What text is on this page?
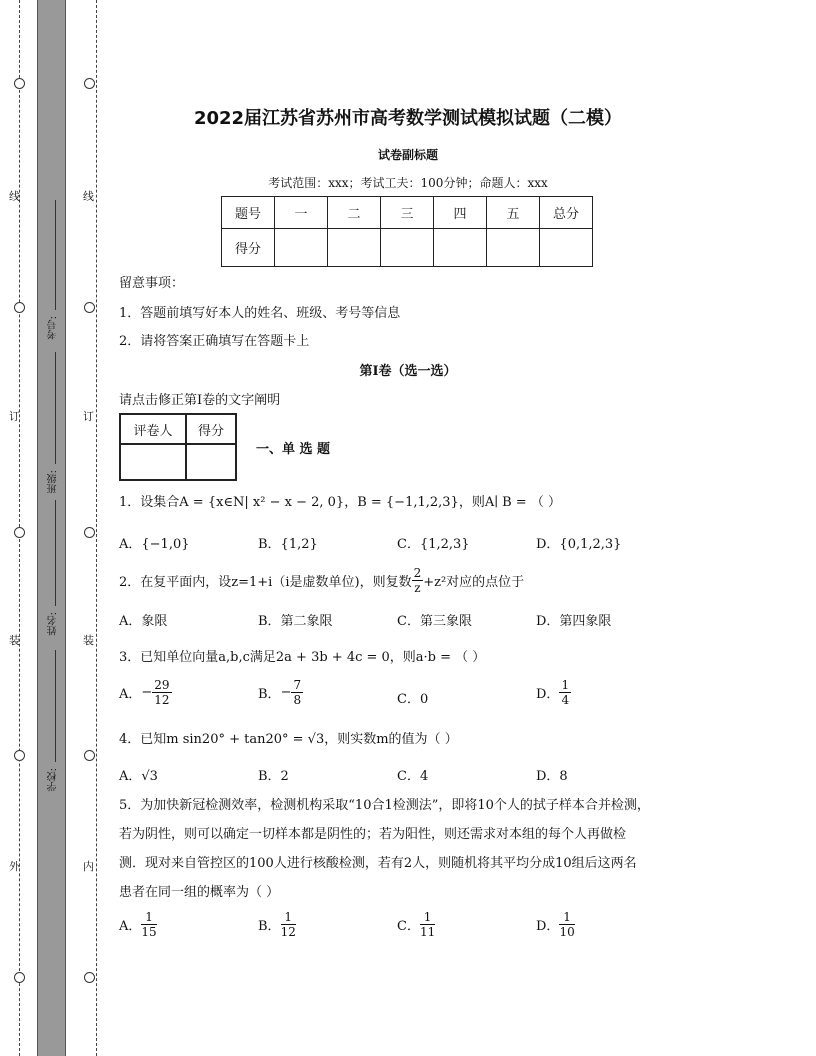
线
订
装
外
线
订
装
内
考号:
班级:
姓名:
学校:
2022届江苏省苏州市高考数学测试模拟试题（二模）
试卷副标题
考试范围：xxx；考试工夫：100分钟；命题人：xxx
题号	一	二	三	四	五	总分
得分						
留意事项：
1．答题前填写好本人的姓名、班级、考号等信息
2．请将答案正确填写在答题卡上
第I卷（选一选）
请点击修正第I卷的文字阐明
评卷人	得分

一、单 选 题
1．设集合A = {x∈N| x² − x − 2, 0}，B = {−1,1,2,3}，则A∣ B = （ ）
A．{−1,0}	B．{1,2}	C．{1,2,3}	D．{0,1,2,3}
2．在复平面内，设z=1+i（i是虚数单位)，则复数 $\frac{2}{z} +z^2$对应的点位于
A．象限	B．第二象限	C．第三象限	D．第四象限
3．已知单位向量a,b,c满足2a + 3b + 4c = 0，则a·b = （ ）
A．− $\frac{29}{12}$	B．− $\frac{7}{8}$	C．0	D． $\frac{1}{4}$
4．已知m sin20° + tan20° = √3，则实数m的值为（ ）
A．√3	B．2	C．4	D．8
5．为加快新冠检测效率，检测机构采取“10合1检测法”，即将10个人的拭子样本合并检测，
若为阴性，则可以确定一切样本都是阴性的；若为阳性，则还需求对本组的每个人再做检
测．现对来自管控区的100人进行核酸检测，若有2人，则随机将其平均分成10组后这两名
患者在同一组的概率为（ ）
A． $\frac{1}{15}$	B． $\frac{1}{12}$	C． $\frac{1}{11}$	D． $\frac{1}{10}$
